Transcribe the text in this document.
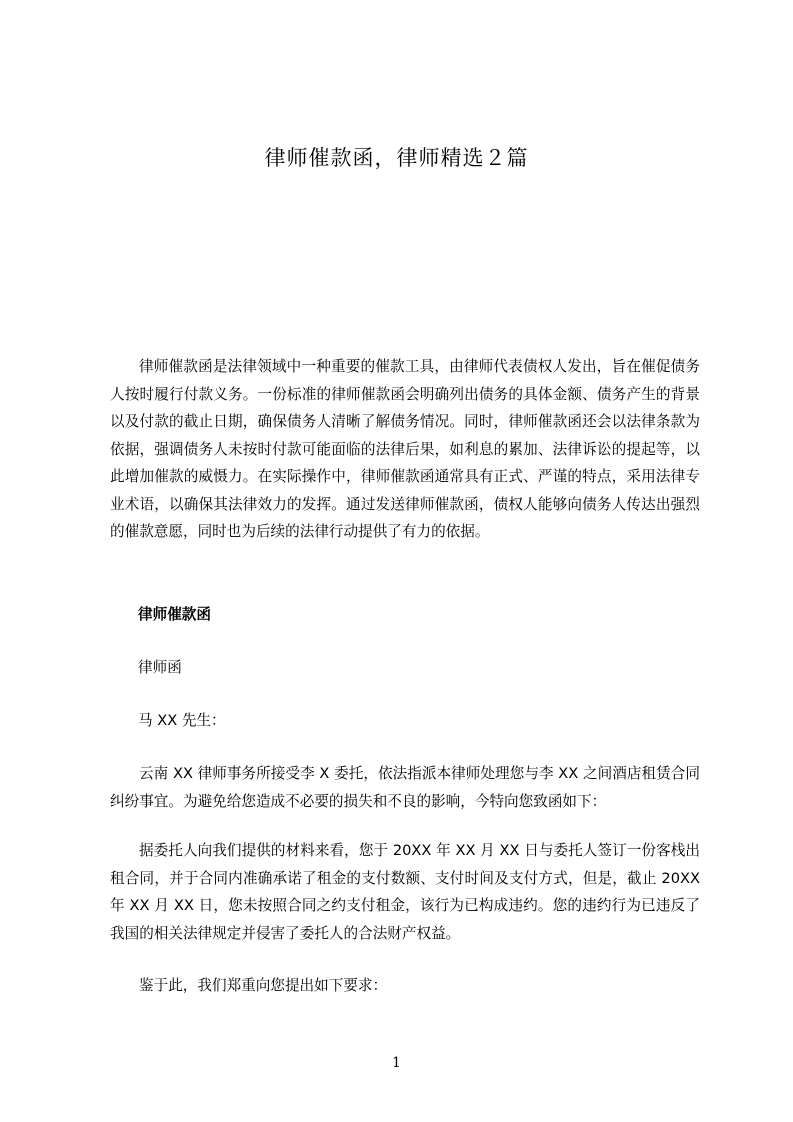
律师催款函，律师精选２篇

律师催款函是法律领域中一种重要的催款工具，由律师代表债权人发出，旨在催促债务人按时履行付款义务。一份标准的律师催款函会明确列出债务的具体金额、债务产生的背景以及付款的截止日期，确保债务人清晰了解债务情况。同时，律师催款函还会以法律条款为依据，强调债务人未按时付款可能面临的法律后果，如利息的累加、法律诉讼的提起等，以此增加催款的威慑力。在实际操作中，律师催款函通常具有正式、严谨的特点，采用法律专业术语，以确保其法律效力的发挥。通过发送律师催款函，债权人能够向债务人传达出强烈的催款意愿，同时也为后续的法律行动提供了有力的依据。

律师催款函

律师函

马 XX 先生：

云南 XX 律师事务所接受李 X 委托，依法指派本律师处理您与李 XX 之间酒店租赁合同纠纷事宜。为避免给您造成不必要的损失和不良的影响，今特向您致函如下：

据委托人向我们提供的材料来看，您于 20XX 年 XX 月 XX 日与委托人签订一份客栈出租合同，并于合同内准确承诺了租金的支付数额、支付时间及支付方式，但是，截止 20XX 年 XX 月 XX 日，您未按照合同之约支付租金，该行为已构成违约。您的违约行为已违反了我国的相关法律规定并侵害了委托人的合法财产权益。

鉴于此，我们郑重向您提出如下要求：

1
